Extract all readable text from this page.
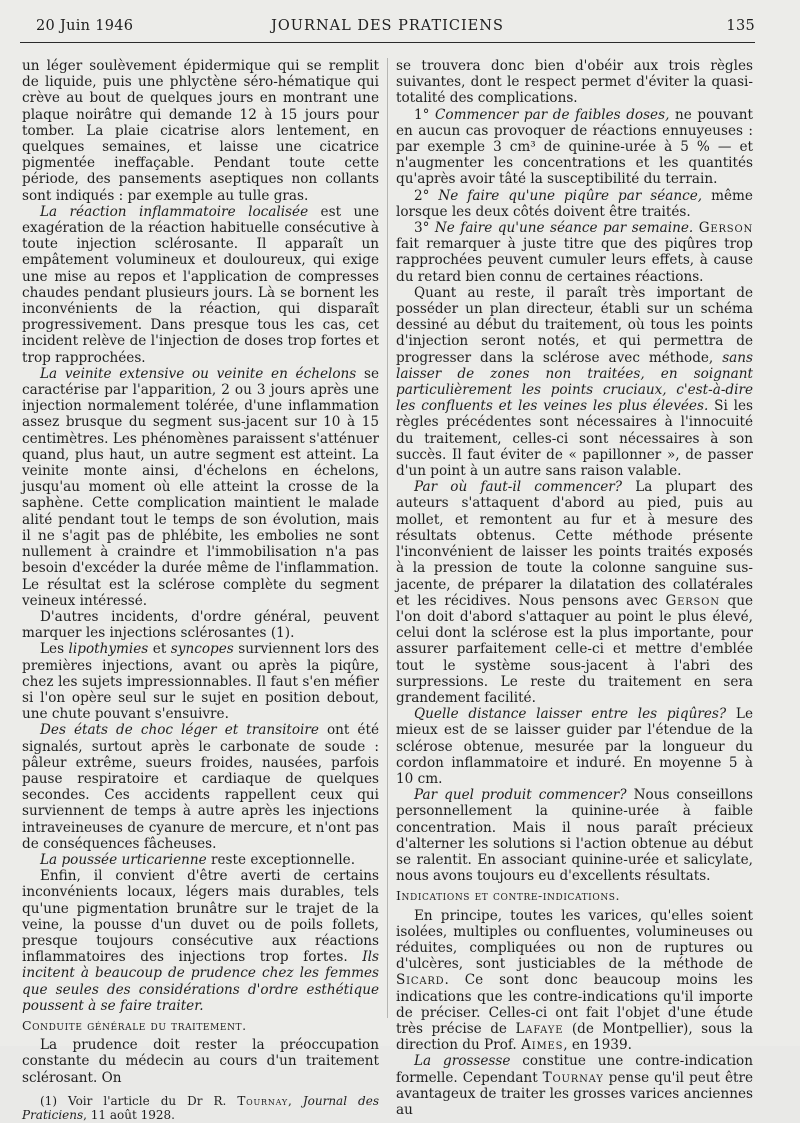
20 Juin 1946	JOURNAL DES PRATICIENS	135

un léger soulèvement épidermique qui se remplit de liquide, puis une phlyctène séro-hématique qui crève au bout de quelques jours en montrant une plaque noirâtre qui demande 12 à 15 jours pour tomber. La plaie cicatrise alors lentement, en quelques semaines, et laisse une cicatrice pigmentée ineffaçable. Pendant toute cette période, des pansements aseptiques non collants sont indiqués : par exemple au tulle gras.

La réaction inflammatoire localisée est une exagération de la réaction habituelle consécutive à toute injection sclérosante. Il apparaît un empâtement volumineux et douloureux, qui exige une mise au repos et l'application de compresses chaudes pendant plusieurs jours. Là se bornent les inconvénients de la réaction, qui disparaît progressivement. Dans presque tous les cas, cet incident relève de l'injection de doses trop fortes et trop rapprochées.

La veinite extensive ou veinite en échelons se caractérise par l'apparition, 2 ou 3 jours après une injection normalement tolérée, d'une inflammation assez brusque du segment sus-jacent sur 10 à 15 centimètres. Les phénomènes paraissent s'atténuer quand, plus haut, un autre segment est atteint. La veinite monte ainsi, d'échelons en échelons, jusqu'au moment où elle atteint la crosse de la saphène. Cette complication maintient le malade alité pendant tout le temps de son évolution, mais il ne s'agit pas de phlébite, les embolies ne sont nullement à craindre et l'immobilisation n'a pas besoin d'excéder la durée même de l'inflammation. Le résultat est la sclérose complète du segment veineux intéressé.

D'autres incidents, d'ordre général, peuvent marquer les injections sclérosantes (1).

Les lipothymies et syncopes surviennent lors des premières injections, avant ou après la piqûre, chez les sujets impressionnables. Il faut s'en méfier si l'on opère seul sur le sujet en position debout, une chute pouvant s'ensuivre.

Des états de choc léger et transitoire ont été signalés, surtout après le carbonate de soude : pâleur extrême, sueurs froides, nausées, parfois pause respiratoire et cardiaque de quelques secondes. Ces accidents rappellent ceux qui surviennent de temps à autre après les injections intraveineuses de cyanure de mercure, et n'ont pas de conséquences fâcheuses.

La poussée urticarienne reste exceptionnelle.

Enfin, il convient d'être averti de certains inconvénients locaux, légers mais durables, tels qu'une pigmentation brunâtre sur le trajet de la veine, la pousse d'un duvet ou de poils follets, presque toujours consécutive aux réactions inflammatoires des injections trop fortes. Ils incitent à beaucoup de prudence chez les femmes que seules des considérations d'ordre esthétique poussent à se faire traiter.

Conduite générale du traitement.

La prudence doit rester la préoccupation constante du médecin au cours d'un traitement sclérosant. On

(1) Voir l'article du Dr R. Tournay, Journal des Praticiens, 11 août 1928.

se trouvera donc bien d'obéir aux trois règles suivantes, dont le respect permet d'éviter la quasi-totalité des complications.

1° Commencer par de faibles doses, ne pouvant en aucun cas provoquer de réactions ennuyeuses : par exemple 3 cm³ de quinine-urée à 5 % — et n'augmenter les concentrations et les quantités qu'après avoir tâté la susceptibilité du terrain.

2° Ne faire qu'une piqûre par séance, même lorsque les deux côtés doivent être traités.

3° Ne faire qu'une séance par semaine. Gerson fait remarquer à juste titre que des piqûres trop rapprochées peuvent cumuler leurs effets, à cause du retard bien connu de certaines réactions.

Quant au reste, il paraît très important de posséder un plan directeur, établi sur un schéma dessiné au début du traitement, où tous les points d'injection seront notés, et qui permettra de progresser dans la sclérose avec méthode, sans laisser de zones non traitées, en soignant particulièrement les points cruciaux, c'est-à-dire les confluents et les veines les plus élevées. Si les règles précédentes sont nécessaires à l'innocuité du traitement, celles-ci sont nécessaires à son succès. Il faut éviter de « papillonner », de passer d'un point à un autre sans raison valable.

Par où faut-il commencer? La plupart des auteurs s'attaquent d'abord au pied, puis au mollet, et remontent au fur et à mesure des résultats obtenus. Cette méthode présente l'inconvénient de laisser les points traités exposés à la pression de toute la colonne sanguine sus-jacente, de préparer la dilatation des collatérales et les récidives. Nous pensons avec Gerson que l'on doit d'abord s'attaquer au point le plus élevé, celui dont la sclérose est la plus importante, pour assurer parfaitement celle-ci et mettre d'emblée tout le système sous-jacent à l'abri des surpressions. Le reste du traitement en sera grandement facilité.

Quelle distance laisser entre les piqûres? Le mieux est de se laisser guider par l'étendue de la sclérose obtenue, mesurée par la longueur du cordon inflammatoire et induré. En moyenne 5 à 10 cm.

Par quel produit commencer? Nous conseillons personnellement la quinine-urée à faible concentration. Mais il nous paraît précieux d'alterner les solutions si l'action obtenue au début se ralentit. En associant quinine-urée et salicylate, nous avons toujours eu d'excellents résultats.

Indications et contre-indications.

En principe, toutes les varices, qu'elles soient isolées, multiples ou confluentes, volumineuses ou réduites, compliquées ou non de ruptures ou d'ulcères, sont justiciables de la méthode de Sicard. Ce sont donc beaucoup moins les indications que les contre-indications qu'il importe de préciser. Celles-ci ont fait l'objet d'une étude très précise de Lafaye (de Montpellier), sous la direction du Prof. Aimes, en 1939.

La grossesse constitue une contre-indication formelle. Cependant Tournay pense qu'il peut être avantageux de traiter les grosses varices anciennes au
